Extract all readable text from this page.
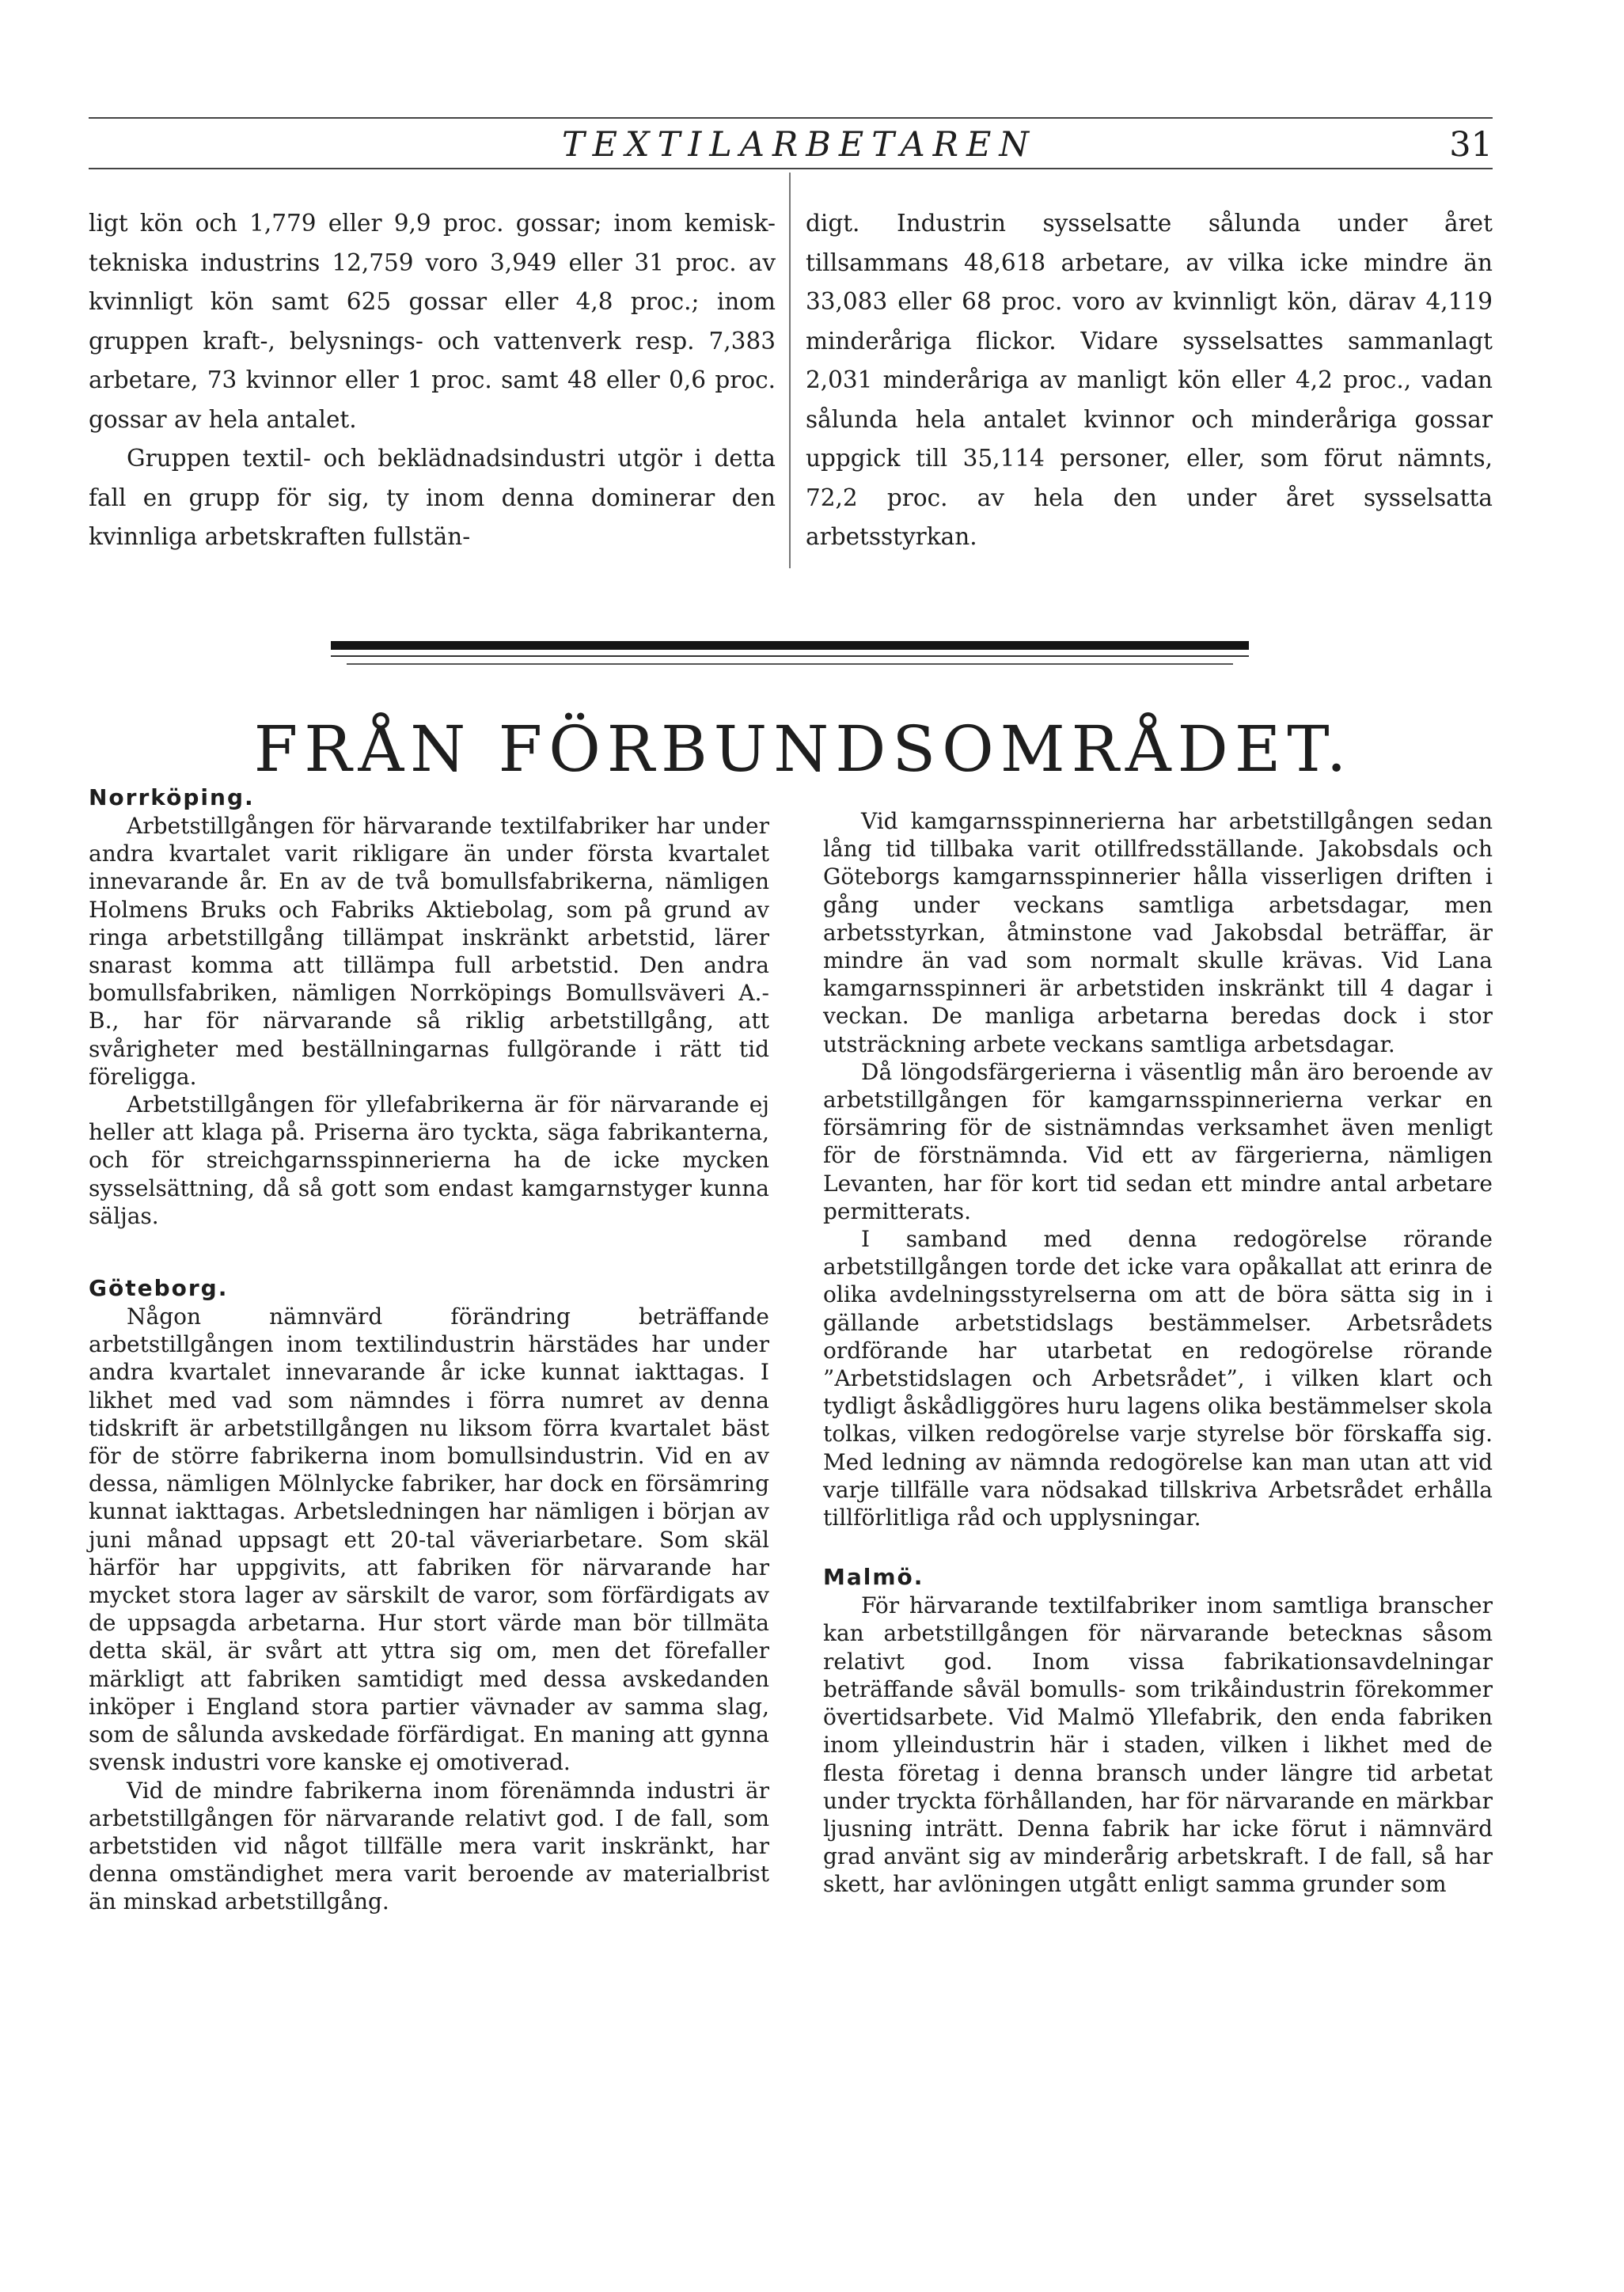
TEXTILARBETAREN	31

ligt kön och 1,779 eller 9,9 proc. gossar; inom kemisk-tekniska industrins 12,759 voro 3,949 eller 31 proc. av kvinnligt kön samt 625 gossar eller 4,8 proc.; inom gruppen kraft-, belysnings- och vattenverk resp. 7,383 arbetare, 73 kvinnor eller 1 proc. samt 48 eller 0,6 proc. gossar av hela antalet.

Gruppen textil- och beklädnadsindustri utgör i detta fall en grupp för sig, ty inom denna dominerar den kvinnliga arbetskraften fullstän-

digt. Industrin sysselsatte sålunda under året tillsammans 48,618 arbetare, av vilka icke mindre än 33,083 eller 68 proc. voro av kvinnligt kön, därav 4,119 minderåriga flickor. Vidare sysselsattes sammanlagt 2,031 minderåriga av manligt kön eller 4,2 proc., vadan sålunda hela antalet kvinnor och minderåriga gossar uppgick till 35,114 personer, eller, som förut nämnts, 72,2 proc. av hela den under året sysselsatta arbetsstyrkan.

FRÅN FÖRBUNDSOMRÅDET.
Norrköping.

Arbetstillgången för härvarande textilfabriker har under andra kvartalet varit rikligare än under första kvartalet innevarande år. En av de två bomullsfabrikerna, nämligen Holmens Bruks och Fabriks Aktiebolag, som på grund av ringa arbetstillgång tillämpat inskränkt arbetstid, lärer snarast komma att tillämpa full arbetstid. Den andra bomullsfabriken, nämligen Norrköpings Bomullsväveri A.-B., har för närvarande så riklig arbetstillgång, att svårigheter med beställningarnas fullgörande i rätt tid föreligga.

Arbetstillgången för yllefabrikerna är för närvarande ej heller att klaga på. Priserna äro tyckta, säga fabrikanterna, och för streichgarnsspinnerierna ha de icke mycken sysselsättning, då så gott som endast kamgarnstyger kunna säljas.

Göteborg.

Någon nämnvärd förändring beträffande arbetstillgången inom textilindustrin härstädes har under andra kvartalet innevarande år icke kunnat iakttagas. I likhet med vad som nämndes i förra numret av denna tidskrift är arbetstillgången nu liksom förra kvartalet bäst för de större fabrikerna inom bomullsindustrin. Vid en av dessa, nämligen Mölnlycke fabriker, har dock en försämring kunnat iakttagas. Arbetsledningen har nämligen i början av juni månad uppsagt ett 20-tal väveriarbetare. Som skäl härför har uppgivits, att fabriken för närvarande har mycket stora lager av särskilt de varor, som förfärdigats av de uppsagda arbetarna. Hur stort värde man bör tillmäta detta skäl, är svårt att yttra sig om, men det förefaller märkligt att fabriken samtidigt med dessa avskedanden inköper i England stora partier vävnader av samma slag, som de sålunda avskedade förfärdigat. En maning att gynna svensk industri vore kanske ej omotiverad.

Vid de mindre fabrikerna inom förenämnda industri är arbetstillgången för närvarande relativt god. I de fall, som arbetstiden vid något tillfälle mera varit inskränkt, har denna omständighet mera varit beroende av materialbrist än minskad arbetstillgång.

Vid kamgarnsspinnerierna har arbetstillgången sedan lång tid tillbaka varit otillfredsställande. Jakobsdals och Göteborgs kamgarnsspinnerier hålla visserligen driften i gång under veckans samtliga arbetsdagar, men arbetsstyrkan, åtminstone vad Jakobsdal beträffar, är mindre än vad som normalt skulle krävas. Vid Lana kamgarnsspinneri är arbetstiden inskränkt till 4 dagar i veckan. De manliga arbetarna beredas dock i stor utsträckning arbete veckans samtliga arbetsdagar.

Då löngodsfärgerierna i väsentlig mån äro beroende av arbetstillgången för kamgarnsspinnerierna verkar en försämring för de sistnämndas verksamhet även menligt för de förstnämnda. Vid ett av färgerierna, nämligen Levanten, har för kort tid sedan ett mindre antal arbetare permitterats.

I samband med denna redogörelse rörande arbetstillgången torde det icke vara opåkallat att erinra de olika avdelningsstyrelserna om att de böra sätta sig in i gällande arbetstidslags bestämmelser. Arbetsrådets ordförande har utarbetat en redogörelse rörande ”Arbetstidslagen och Arbetsrådet”, i vilken klart och tydligt åskådliggöres huru lagens olika bestämmelser skola tolkas, vilken redogörelse varje styrelse bör förskaffa sig. Med ledning av nämnda redogörelse kan man utan att vid varje tillfälle vara nödsakad tillskriva Arbetsrådet erhålla tillförlitliga råd och upplysningar.

Malmö.

För härvarande textilfabriker inom samtliga branscher kan arbetstillgången för närvarande betecknas såsom relativt god. Inom vissa fabrikationsavdelningar beträffande såväl bomulls- som trikåindustrin förekommer övertidsarbete. Vid Malmö Yllefabrik, den enda fabriken inom ylleindustrin här i staden, vilken i likhet med de flesta företag i denna bransch under längre tid arbetat under tryckta förhållanden, har för närvarande en märkbar ljusning inträtt. Denna fabrik har icke förut i nämnvärd grad använt sig av minderårig arbetskraft. I de fall, så har skett, har avlöningen utgått enligt samma grunder som
